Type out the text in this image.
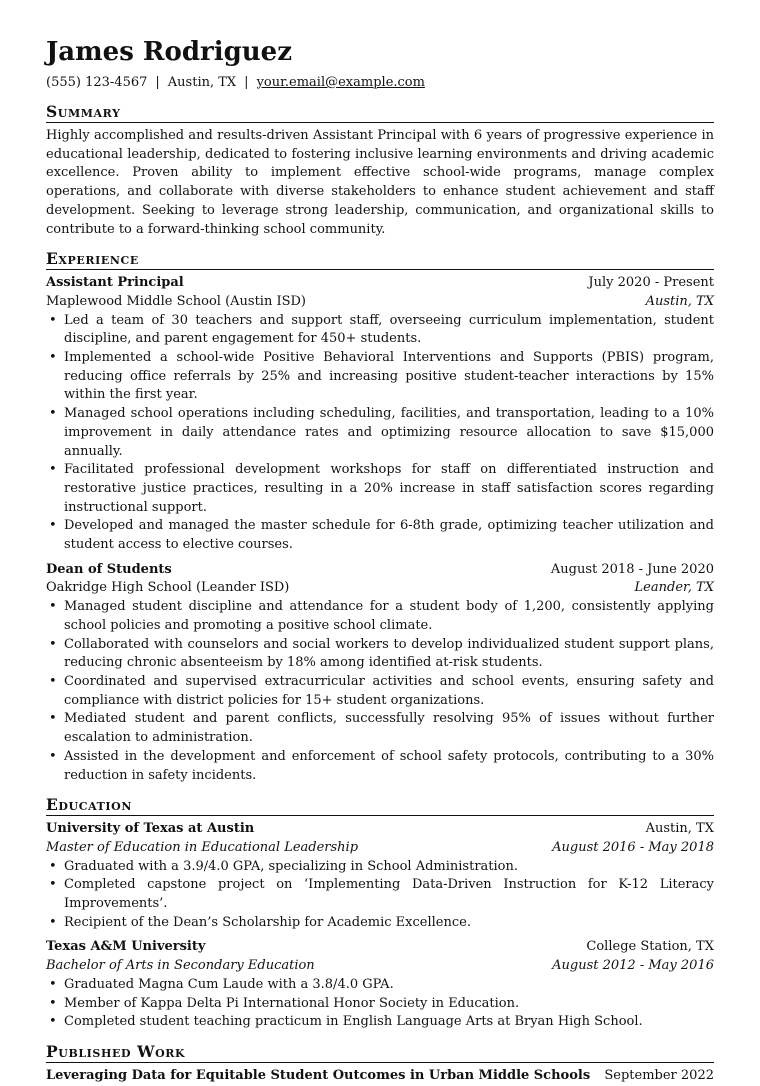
James Rodriguez
(555) 123-4567 | Austin, TX | your.email@example.com
Summary

Highly accomplished and results-driven Assistant Principal with 6 years of progressive experience in educational leadership, dedicated to fostering inclusive learning environments and driving academic excellence. Proven ability to implement effective school-wide programs, manage complex operations, and collaborate with diverse stakeholders to enhance student achievement and staff development. Seeking to leverage strong leadership, communication, and organizational skills to contribute to a forward-thinking school community.

Experience
Assistant Principal	July 2020 - Present
Maplewood Middle School (Austin ISD)	Austin, TX
• Led a team of 30 teachers and support staff, overseeing curriculum implementation, student discipline, and parent engagement for 450+ students.
• Implemented a school-wide Positive Behavioral Interventions and Supports (PBIS) program, reducing office referrals by 25% and increasing positive student-teacher interactions by 15% within the first year.
• Managed school operations including scheduling, facilities, and transportation, leading to a 10% improvement in daily attendance rates and optimizing resource allocation to save $15,000 annually.
• Facilitated professional development workshops for staff on differentiated instruction and restorative justice practices, resulting in a 20% increase in staff satisfaction scores regarding instructional support.
• Developed and managed the master schedule for 6-8th grade, optimizing teacher utilization and student access to elective courses.
Dean of Students	August 2018 - June 2020
Oakridge High School (Leander ISD)	Leander, TX
• Managed student discipline and attendance for a student body of 1,200, consistently applying school policies and promoting a positive school climate.
• Collaborated with counselors and social workers to develop individualized student support plans, reducing chronic absenteeism by 18% among identified at-risk students.
• Coordinated and supervised extracurricular activities and school events, ensuring safety and compliance with district policies for 15+ student organizations.
• Mediated student and parent conflicts, successfully resolving 95% of issues without further escalation to administration.
• Assisted in the development and enforcement of school safety protocols, contributing to a 30% reduction in safety incidents.
Education
University of Texas at Austin	Austin, TX
Master of Education in Educational Leadership	August 2016 - May 2018
• Graduated with a 3.9/4.0 GPA, specializing in School Administration.
• Completed capstone project on ‘Implementing Data-Driven Instruction for K-12 Literacy Improvements’.
• Recipient of the Dean’s Scholarship for Academic Excellence.
Texas A&M University	College Station, TX
Bachelor of Arts in Secondary Education	August 2012 - May 2016
• Graduated Magna Cum Laude with a 3.8/4.0 GPA.
• Member of Kappa Delta Pi International Honor Society in Education.
• Completed student teaching practicum in English Language Arts at Bryan High School.
Published Work
Leveraging Data for Equitable Student Outcomes in Urban Middle Schools September 2022
